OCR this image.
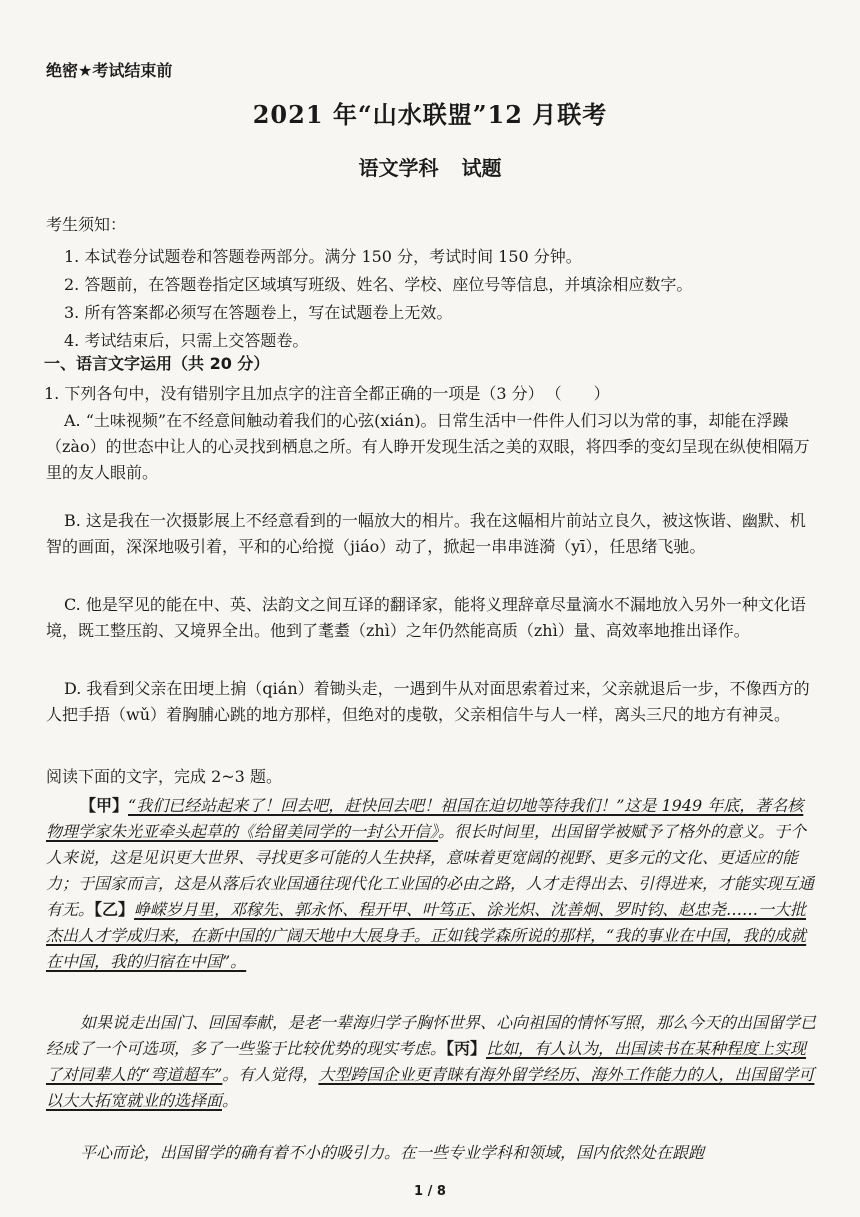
绝密★考试结束前
2021 年“山水联盟”12 月联考
语文学科 试题
考生须知：
1. 本试卷分试题卷和答题卷两部分。满分 150 分，考试时间 150 分钟。
2. 答题前，在答题卷指定区域填写班级、姓名、学校、座位号等信息，并填涂相应数字。
3. 所有答案都必须写在答题卷上，写在试题卷上无效。
4. 考试结束后，只需上交答题卷。
一、语言文字运用（共 20 分）
1. 下列各句中，没有错别字且加点字的注音全都正确的一项是（3 分） （　　）
A. “土味视频”在不经意间触动着我们的心弦(xián)。日常生活中一件件人们习以为常的事，却能在浮躁（zào）的世态中让人的心灵找到栖息之所。有人睁开发现生活之美的双眼，将四季的变幻呈现在纵使相隔万里的友人眼前。
B. 这是我在一次摄影展上不经意看到的一幅放大的相片。我在这幅相片前站立良久，被这恢谐、幽默、机智的画面，深深地吸引着，平和的心给搅（jiáo）动了，掀起一串串涟漪（yī），任思绪飞驰。
C. 他是罕见的能在中、英、法韵文之间互译的翻译家，能将义理辞章尽量滴水不漏地放入另外一种文化语境，既工整压韵、又境界全出。他到了耄耋（zhì）之年仍然能高质（zhì）量、高效率地推出译作。
D. 我看到父亲在田埂上掮（qián）着锄头走，一遇到牛从对面思索着过来，父亲就退后一步，不像西方的人把手捂（wǔ）着胸脯心跳的地方那样，但绝对的虔敬，父亲相信牛与人一样，离头三尺的地方有神灵。
阅读下面的文字，完成 2~3 题。
【甲】“我们已经站起来了！回去吧，赶快回去吧！祖国在迫切地等待我们！”这是 1949 年底，著名核物理学家朱光亚牵头起草的《给留美同学的一封公开信》。很长时间里，出国留学被赋予了格外的意义。于个人来说，这是见识更大世界、寻找更多可能的人生抉择，意味着更宽阔的视野、更多元的文化、更适应的能力；于国家而言，这是从落后农业国通往现代化工业国的必由之路，人才走得出去、引得进来，才能实现互通有无。【乙】峥嵘岁月里，邓稼先、郭永怀、程开甲、叶笃正、涂光炽、沈善炯、罗时钧、赵忠尧……一大批杰出人才学成归来，在新中国的广阔天地中大展身手。正如钱学森所说的那样，“我的事业在中国，我的成就在中国，我的归宿在中国”。
如果说走出国门、回国奉献，是老一辈海归学子胸怀世界、心向祖国的情怀写照，那么今天的出国留学已经成了一个可选项，多了一些鉴于比较优势的现实考虑。【丙】比如，有人认为，出国读书在某种程度上实现了对同辈人的“弯道超车”。有人觉得，大型跨国企业更青睐有海外留学经历、海外工作能力的人，出国留学可以大大拓宽就业的选择面。
平心而论，出国留学的确有着不小的吸引力。在一些专业学科和领域，国内依然处在跟跑
1 / 8
